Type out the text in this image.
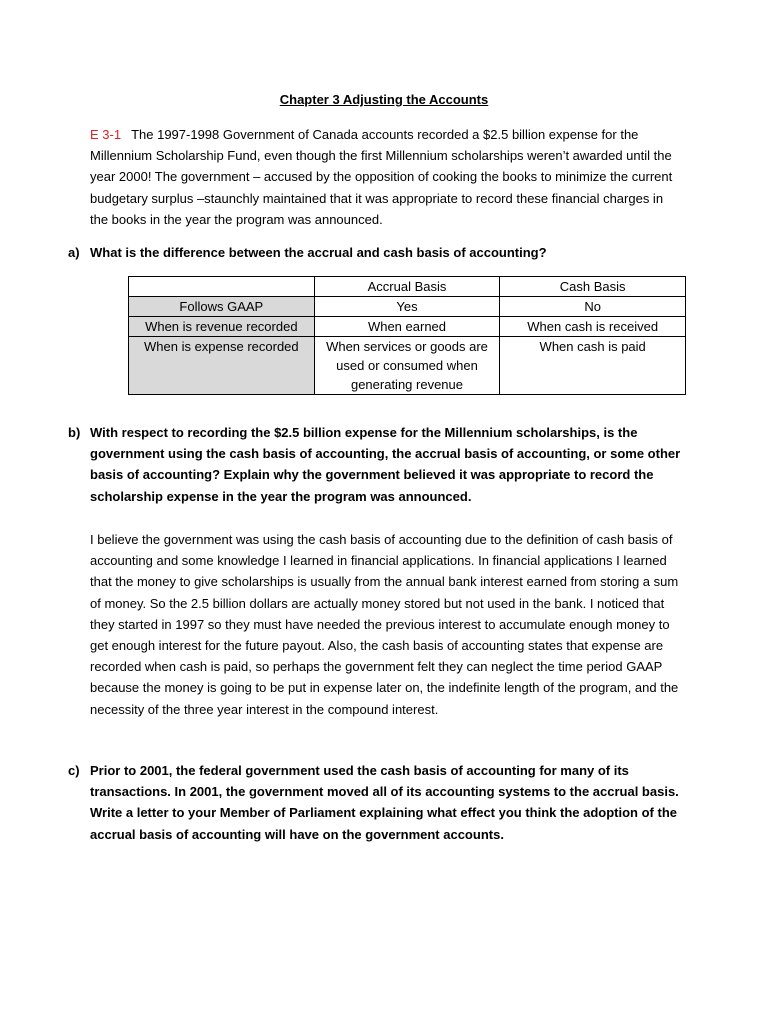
Chapter 3 Adjusting the Accounts
E 3-1 The 1997-1998 Government of Canada accounts recorded a $2.5 billion expense for the Millennium Scholarship Fund, even though the first Millennium scholarships weren’t awarded until the year 2000! The government – accused by the opposition of cooking the books to minimize the current budgetary surplus –staunchly maintained that it was appropriate to record these financial charges in the books in the year the program was announced.
a) What is the difference between the accrual and cash basis of accounting?
	Accrual Basis	Cash Basis
Follows GAAP	Yes	No
When is revenue recorded	When earned	When cash is received
When is expense recorded	When services or goods are used or consumed when generating revenue	When cash is paid
b) With respect to recording the $2.5 billion expense for the Millennium scholarships, is the government using the cash basis of accounting, the accrual basis of accounting, or some other basis of accounting? Explain why the government believed it was appropriate to record the scholarship expense in the year the program was announced.
I believe the government was using the cash basis of accounting due to the definition of cash basis of accounting and some knowledge I learned in financial applications. In financial applications I learned that the money to give scholarships is usually from the annual bank interest earned from storing a sum of money. So the 2.5 billion dollars are actually money stored but not used in the bank. I noticed that they started in 1997 so they must have needed the previous interest to accumulate enough money to get enough interest for the future payout. Also, the cash basis of accounting states that expense are recorded when cash is paid, so perhaps the government felt they can neglect the time period GAAP because the money is going to be put in expense later on, the indefinite length of the program, and the necessity of the three year interest in the compound interest.
c) Prior to 2001, the federal government used the cash basis of accounting for many of its transactions. In 2001, the government moved all of its accounting systems to the accrual basis. Write a letter to your Member of Parliament explaining what effect you think the adoption of the accrual basis of accounting will have on the government accounts.
